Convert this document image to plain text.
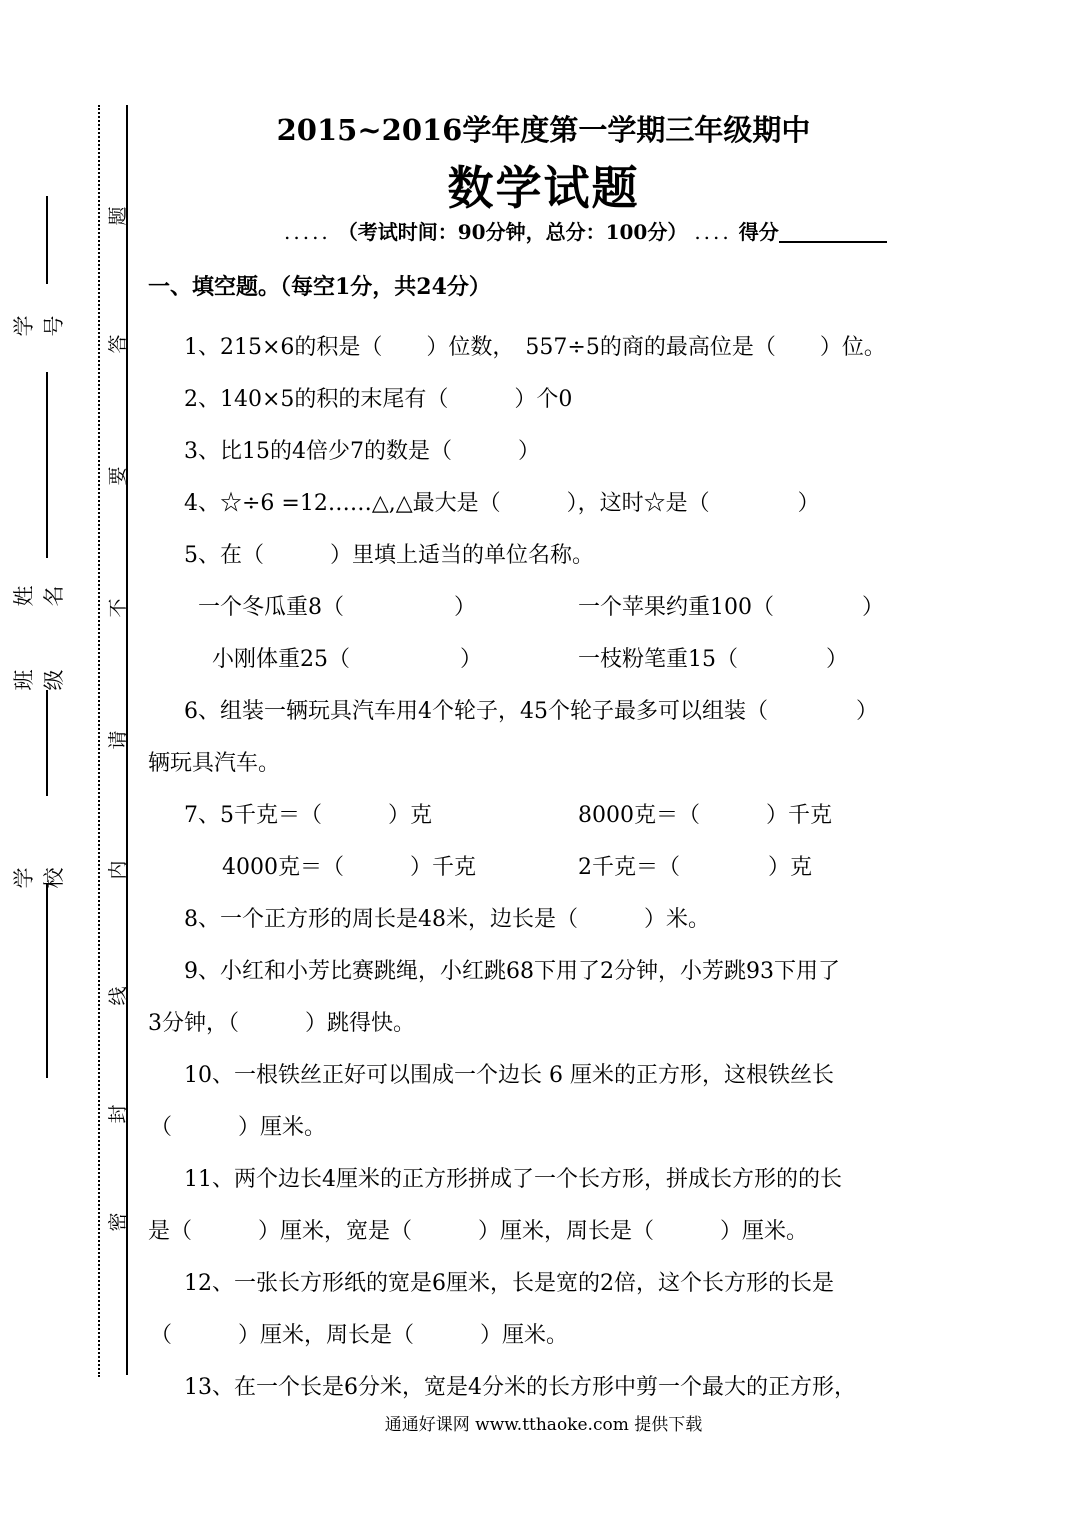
题
答
要
不
请
内
线
封
密
学号
姓名
班级
学校
2015~2016学年度第一学期三年级期中
数学试题
..... （考试时间：90分钟，总分：100分） .... 得分
一、填空题。（每空1分，共24分）
1、215×6的积是（　　）位数，　557÷5的商的最高位是（　　）位。
2、140×5的积的末尾有（　　　）个0
3、比15的4倍少7的数是（　　　）
4、☆÷6 =12……△,△最大是（　　　），这时☆是（　　　　）
5、在（　　　）里填上适当的单位名称。
一个冬瓜重8（　　　　　）	一个苹果约重100（　　　　）
小刚体重25（　　　　　）	一枝粉笔重15（　　　　）
6、组装一辆玩具汽车用4个轮子，45个轮子最多可以组装（　　　　）
辆玩具汽车。
7、5千克＝（　　　）克	8000克＝（　　　）千克
4000克＝（　　　）千克	2千克＝（　　　　）克
8、一个正方形的周长是48米，边长是（　　　）米。
9、小红和小芳比赛跳绳，小红跳68下用了2分钟，小芳跳93下用了
3分钟，（　　　）跳得快。
10、一根铁丝正好可以围成一个边长 6 厘米的正方形，这根铁丝长
（　　　）厘米。
11、两个边长4厘米的正方形拼成了一个长方形，拼成长方形的的长
是（　　　）厘米，宽是（　　　）厘米，周长是（　　　）厘米。
12、一张长方形纸的宽是6厘米，长是宽的2倍，这个长方形的长是
（　　　）厘米，周长是（　　　）厘米。
13、在一个长是6分米，宽是4分米的长方形中剪一个最大的正方形，
通通好课网 www.tthaoke.com 提供下载
